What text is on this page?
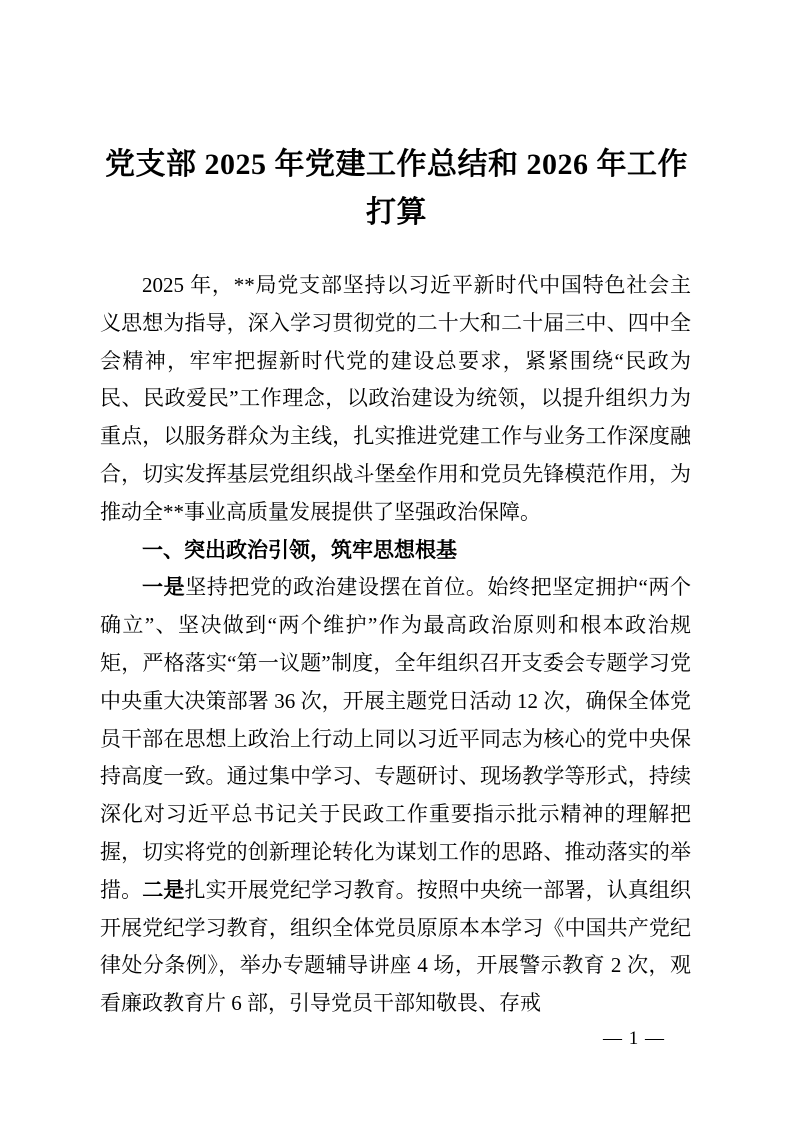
党支部 2025 年党建工作总结和 2026 年工作打算

2025 年，**局党支部坚持以习近平新时代中国特色社会主义思想为指导，深入学习贯彻党的二十大和二十届三中、四中全会精神，牢牢把握新时代党的建设总要求，紧紧围绕“民政为民、民政爱民”工作理念，以政治建设为统领，以提升组织力为重点，以服务群众为主线，扎实推进党建工作与业务工作深度融合，切实发挥基层党组织战斗堡垒作用和党员先锋模范作用，为推动全**事业高质量发展提供了坚强政治保障。

一、突出政治引领，筑牢思想根基

一是坚持把党的政治建设摆在首位。始终把坚定拥护“两个确立”、坚决做到“两个维护”作为最高政治原则和根本政治规矩，严格落实“第一议题”制度，全年组织召开支委会专题学习党中央重大决策部署 36 次，开展主题党日活动 12 次，确保全体党员干部在思想上政治上行动上同以习近平同志为核心的党中央保持高度一致。通过集中学习、专题研讨、现场教学等形式，持续深化对习近平总书记关于民政工作重要指示批示精神的理解把握，切实将党的创新理论转化为谋划工作的思路、推动落实的举措。二是扎实开展党纪学习教育。按照中央统一部署，认真组织开展党纪学习教育，组织全体党员原原本本学习《中国共产党纪律处分条例》，举办专题辅导讲座 4 场，开展警示教育 2 次，观看廉政教育片 6 部，引导党员干部知敬畏、存戒

— 1 —
